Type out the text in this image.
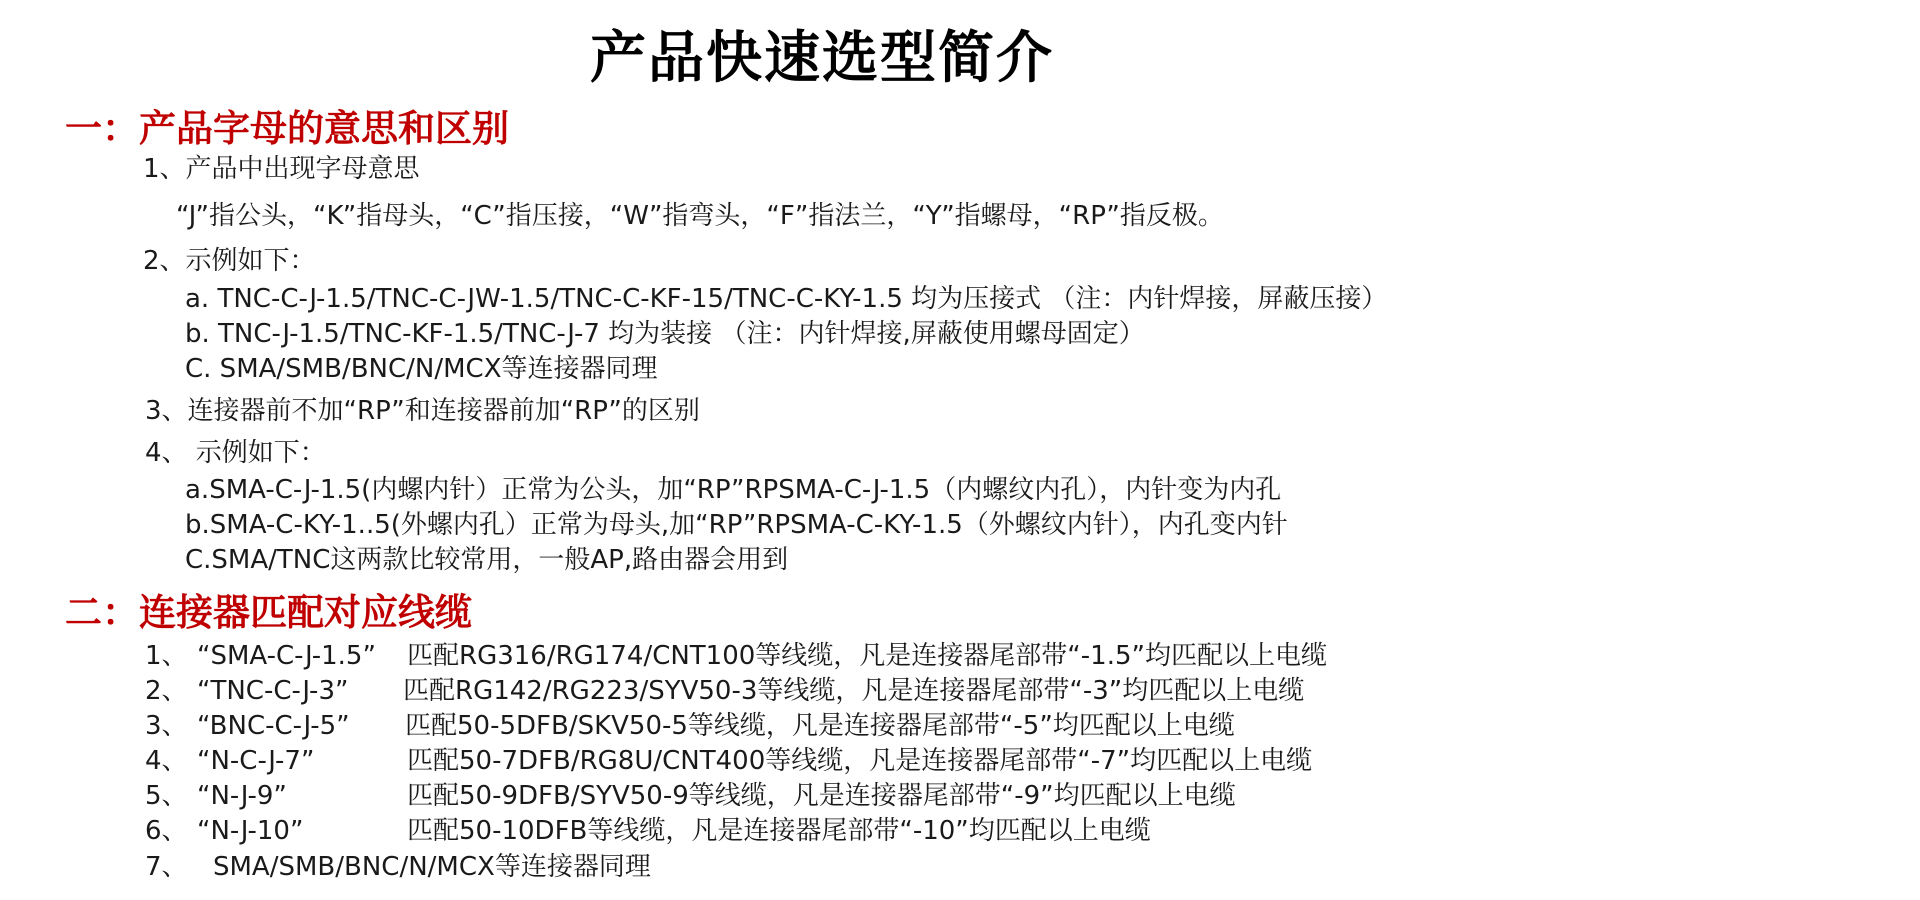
产品快速选型简介
一：产品字母的意思和区别
1、产品中出现字母意思
“J”指公头，“K”指母头，“C”指压接，“W”指弯头，“F”指法兰，“Y”指螺母，“RP”指反极。
2、示例如下：
a. TNC-C-J-1.5/TNC-C-JW-1.5/TNC-C-KF-15/TNC-C-KY-1.5 均为压接式 （注：内针焊接，屏蔽压接）
b. TNC-J-1.5/TNC-KF-1.5/TNC-J-7 均为装接 （注：内针焊接,屏蔽使用螺母固定）
C. SMA/SMB/BNC/N/MCX等连接器同理
3、连接器前不加“RP”和连接器前加“RP”的区别
4、 示例如下：
a.SMA-C-J-1.5(内螺内针）正常为公头，加“RP”RPSMA-C-J-1.5（内螺纹内孔），内针变为内孔
b.SMA-C-KY-1..5(外螺内孔）正常为母头,加“RP”RPSMA-C-KY-1.5（外螺纹内针），内孔变内针
C.SMA/TNC这两款比较常用，一般AP,路由器会用到
二：连接器匹配对应线缆
1、 “SMA-C-J-1.5” 匹配RG316/RG174/CNT100等线缆，凡是连接器尾部带“-1.5”均匹配以上电缆
2、 “TNC-C-J-3” 匹配RG142/RG223/SYV50-3等线缆，凡是连接器尾部带“-3”均匹配以上电缆
3、 “BNC-C-J-5” 匹配50-5DFB/SKV50-5等线缆，凡是连接器尾部带“-5”均匹配以上电缆
4、 “N-C-J-7”	匹配50-7DFB/RG8U/CNT400等线缆，凡是连接器尾部带“-7”均匹配以上电缆
5、 “N-J-9”	匹配50-9DFB/SYV50-9等线缆，凡是连接器尾部带“-9”均匹配以上电缆
6、 “N-J-10”	匹配50-10DFB等线缆，凡是连接器尾部带“-10”均匹配以上电缆
7、 SMA/SMB/BNC/N/MCX等连接器同理
